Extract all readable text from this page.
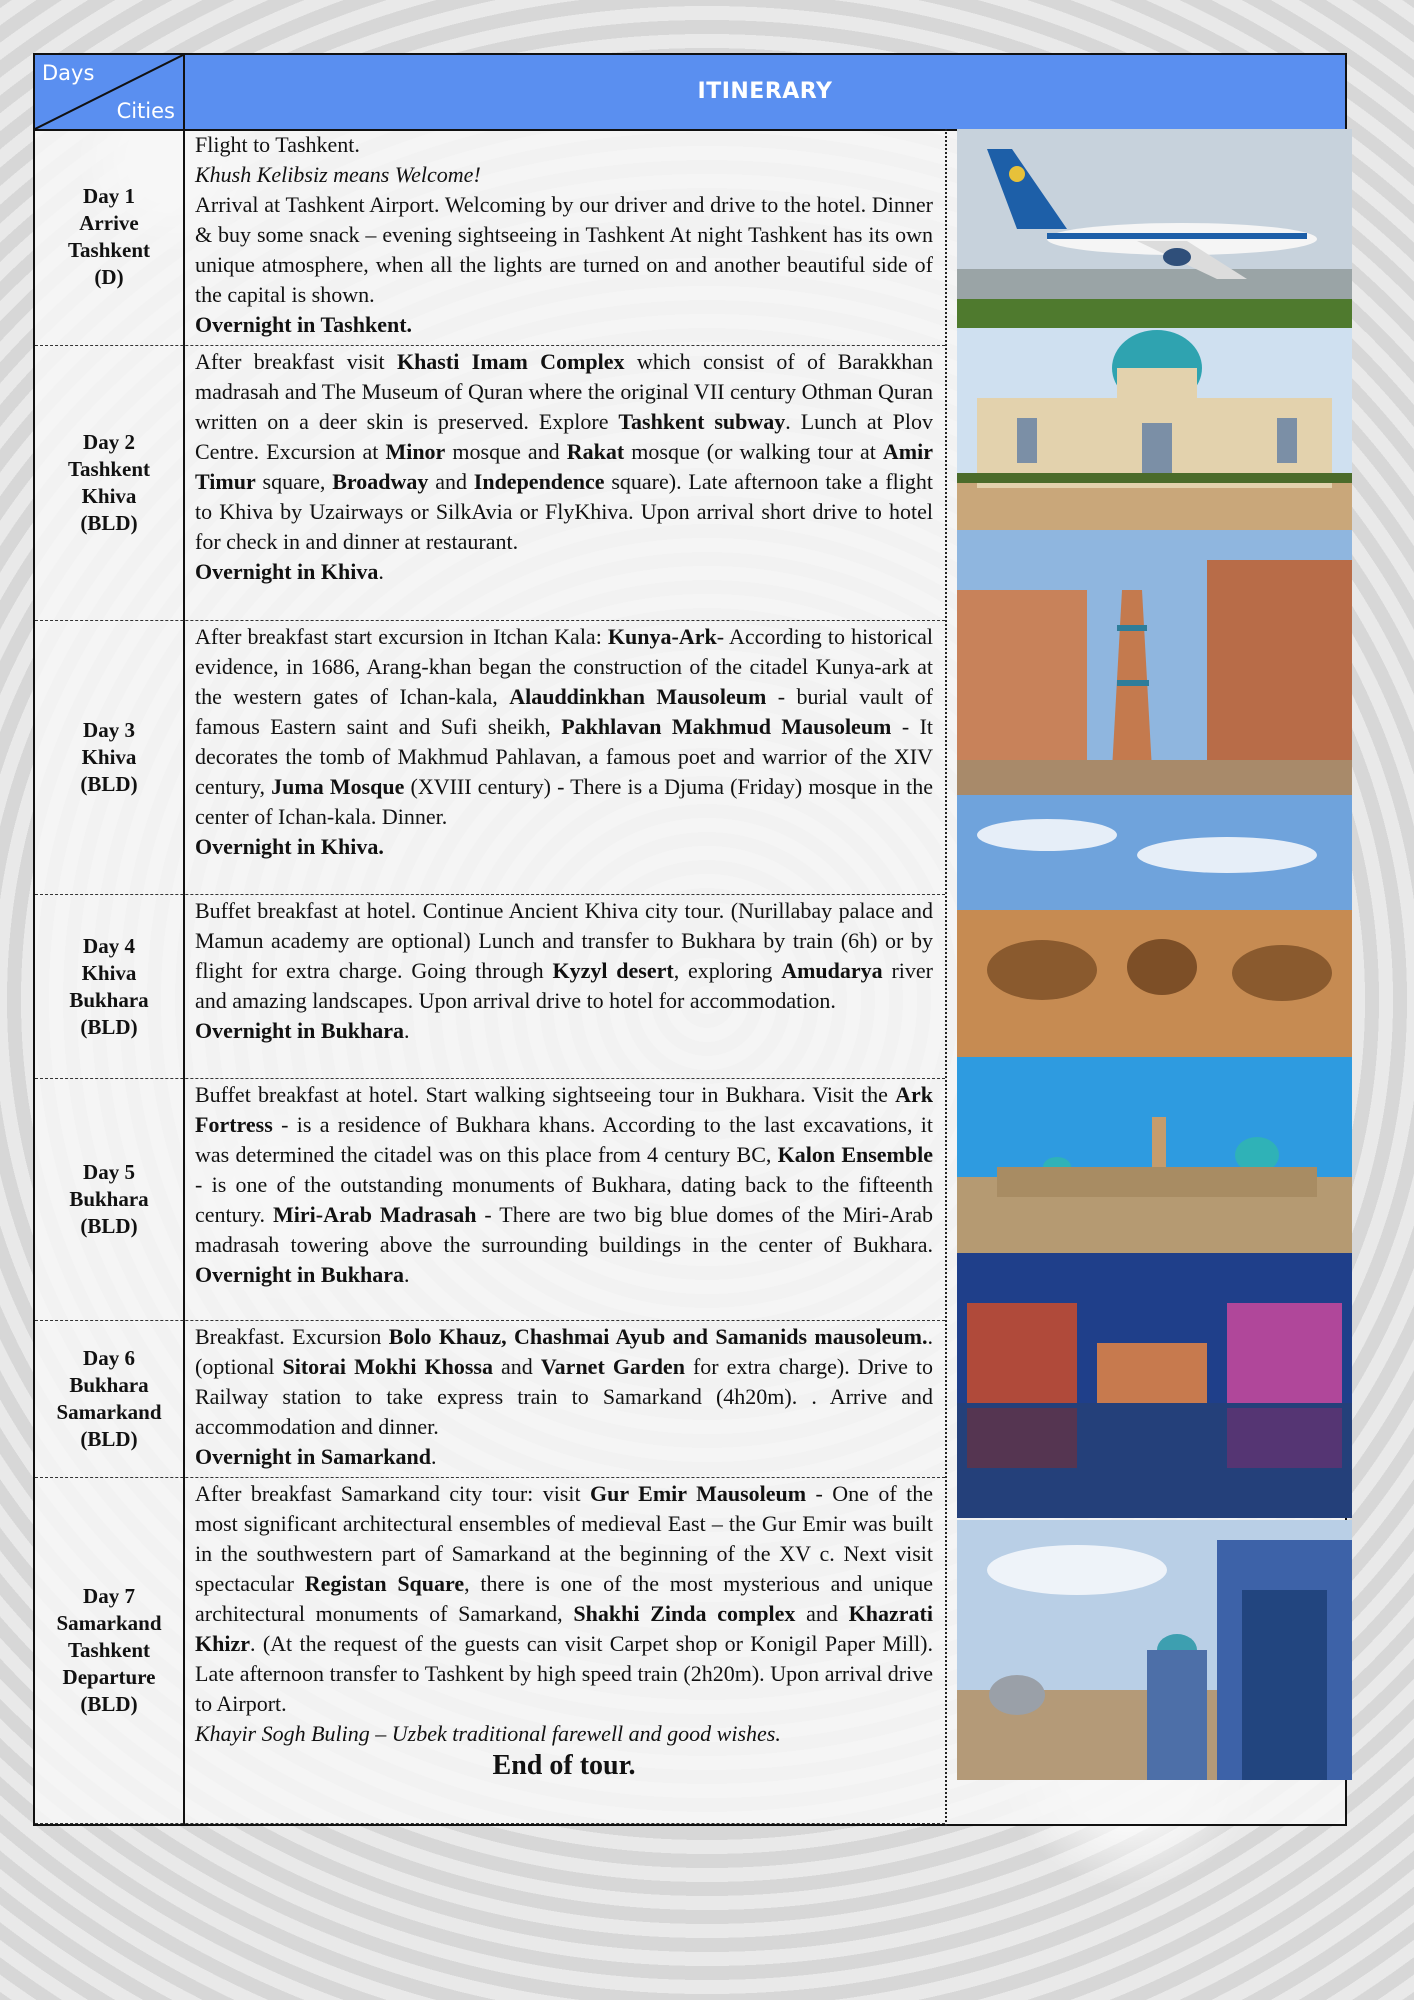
Days
Cities
ITINERARY
Day 1
Arrive
Tashkent
(D)

Flight to Tashkent.

Khush Kelibsiz means Welcome!

Arrival at Tashkent Airport. Welcoming by our driver and drive to the hotel. Dinner & buy some snack – evening sightseeing in Tashkent At night Tashkent has its own unique atmosphere, when all the lights are turned on and another beautiful side of the capital is shown.

Overnight in Tashkent.

Day 2
Tashkent
Khiva
(BLD)

After breakfast visit Khasti Imam Complex which consist of of Barakkhan madrasah and The Museum of Quran where the original VII century Othman Quran written on a deer skin is preserved. Explore Tashkent subway. Lunch at Plov Centre. Excursion at Minor mosque and Rakat mosque (or walking tour at Amir Timur square, Broadway and Independence square). Late afternoon take a flight to Khiva by Uzairways or SilkAvia or FlyKhiva. Upon arrival short drive to hotel for check in and dinner at restaurant.

Overnight in Khiva.

Day 3
Khiva
(BLD)

After breakfast start excursion in Itchan Kala: Kunya-Ark- According to historical evidence, in 1686, Arang-khan began the construction of the citadel Kunya-ark at the western gates of Ichan-kala, Alauddinkhan Mausoleum - burial vault of famous Eastern saint and Sufi sheikh, Pakhlavan Makhmud Mausoleum - It decorates the tomb of Makhmud Pahlavan, a famous poet and warrior of the XIV century, Juma Mosque (XVIII century) - There is a Djuma (Friday) mosque in the center of Ichan-kala. Dinner.

Overnight in Khiva.

Day 4
Khiva
Bukhara
(BLD)

Buffet breakfast at hotel. Continue Ancient Khiva city tour. (Nurillabay palace and Mamun academy are optional) Lunch and transfer to Bukhara by train (6h) or by flight for extra charge. Going through Kyzyl desert, exploring Amudarya river and amazing landscapes. Upon arrival drive to hotel for accommodation.

Overnight in Bukhara.

Day 5
Bukhara
(BLD)

Buffet breakfast at hotel. Start walking sightseeing tour in Bukhara. Visit the Ark Fortress - is a residence of Bukhara khans. According to the last excavations, it was determined the citadel was on this place from 4 century BC, Kalon Ensemble - is one of the outstanding monuments of Bukhara, dating back to the fifteenth century. Miri-Arab Madrasah - There are two big blue domes of the Miri-Arab madrasah towering above the surrounding buildings in the center of Bukhara. Overnight in Bukhara.

Day 6
Bukhara
Samarkand
(BLD)

Breakfast. Excursion Bolo Khauz, Chashmai Ayub and Samanids mausoleum.. (optional Sitorai Mokhi Khossa and Varnet Garden for extra charge). Drive to Railway station to take express train to Samarkand (4h20m). . Arrive and accommodation and dinner.

Overnight in Samarkand.

Day 7
Samarkand
Tashkent
Departure
(BLD)

After breakfast Samarkand city tour: visit Gur Emir Mausoleum - One of the most significant architectural ensembles of medieval East – the Gur Emir was built in the southwestern part of Samarkand at the beginning of the XV c. Next visit spectacular Registan Square, there is one of the most mysterious and unique architectural monuments of Samarkand, Shakhi Zinda complex and Khazrati Khizr. (At the request of the guests can visit Carpet shop or Konigil Paper Mill). Late afternoon transfer to Tashkent by high speed train (2h20m). Upon arrival drive to Airport.

Khayir Sogh Buling – Uzbek traditional farewell and good wishes.

End of tour.
